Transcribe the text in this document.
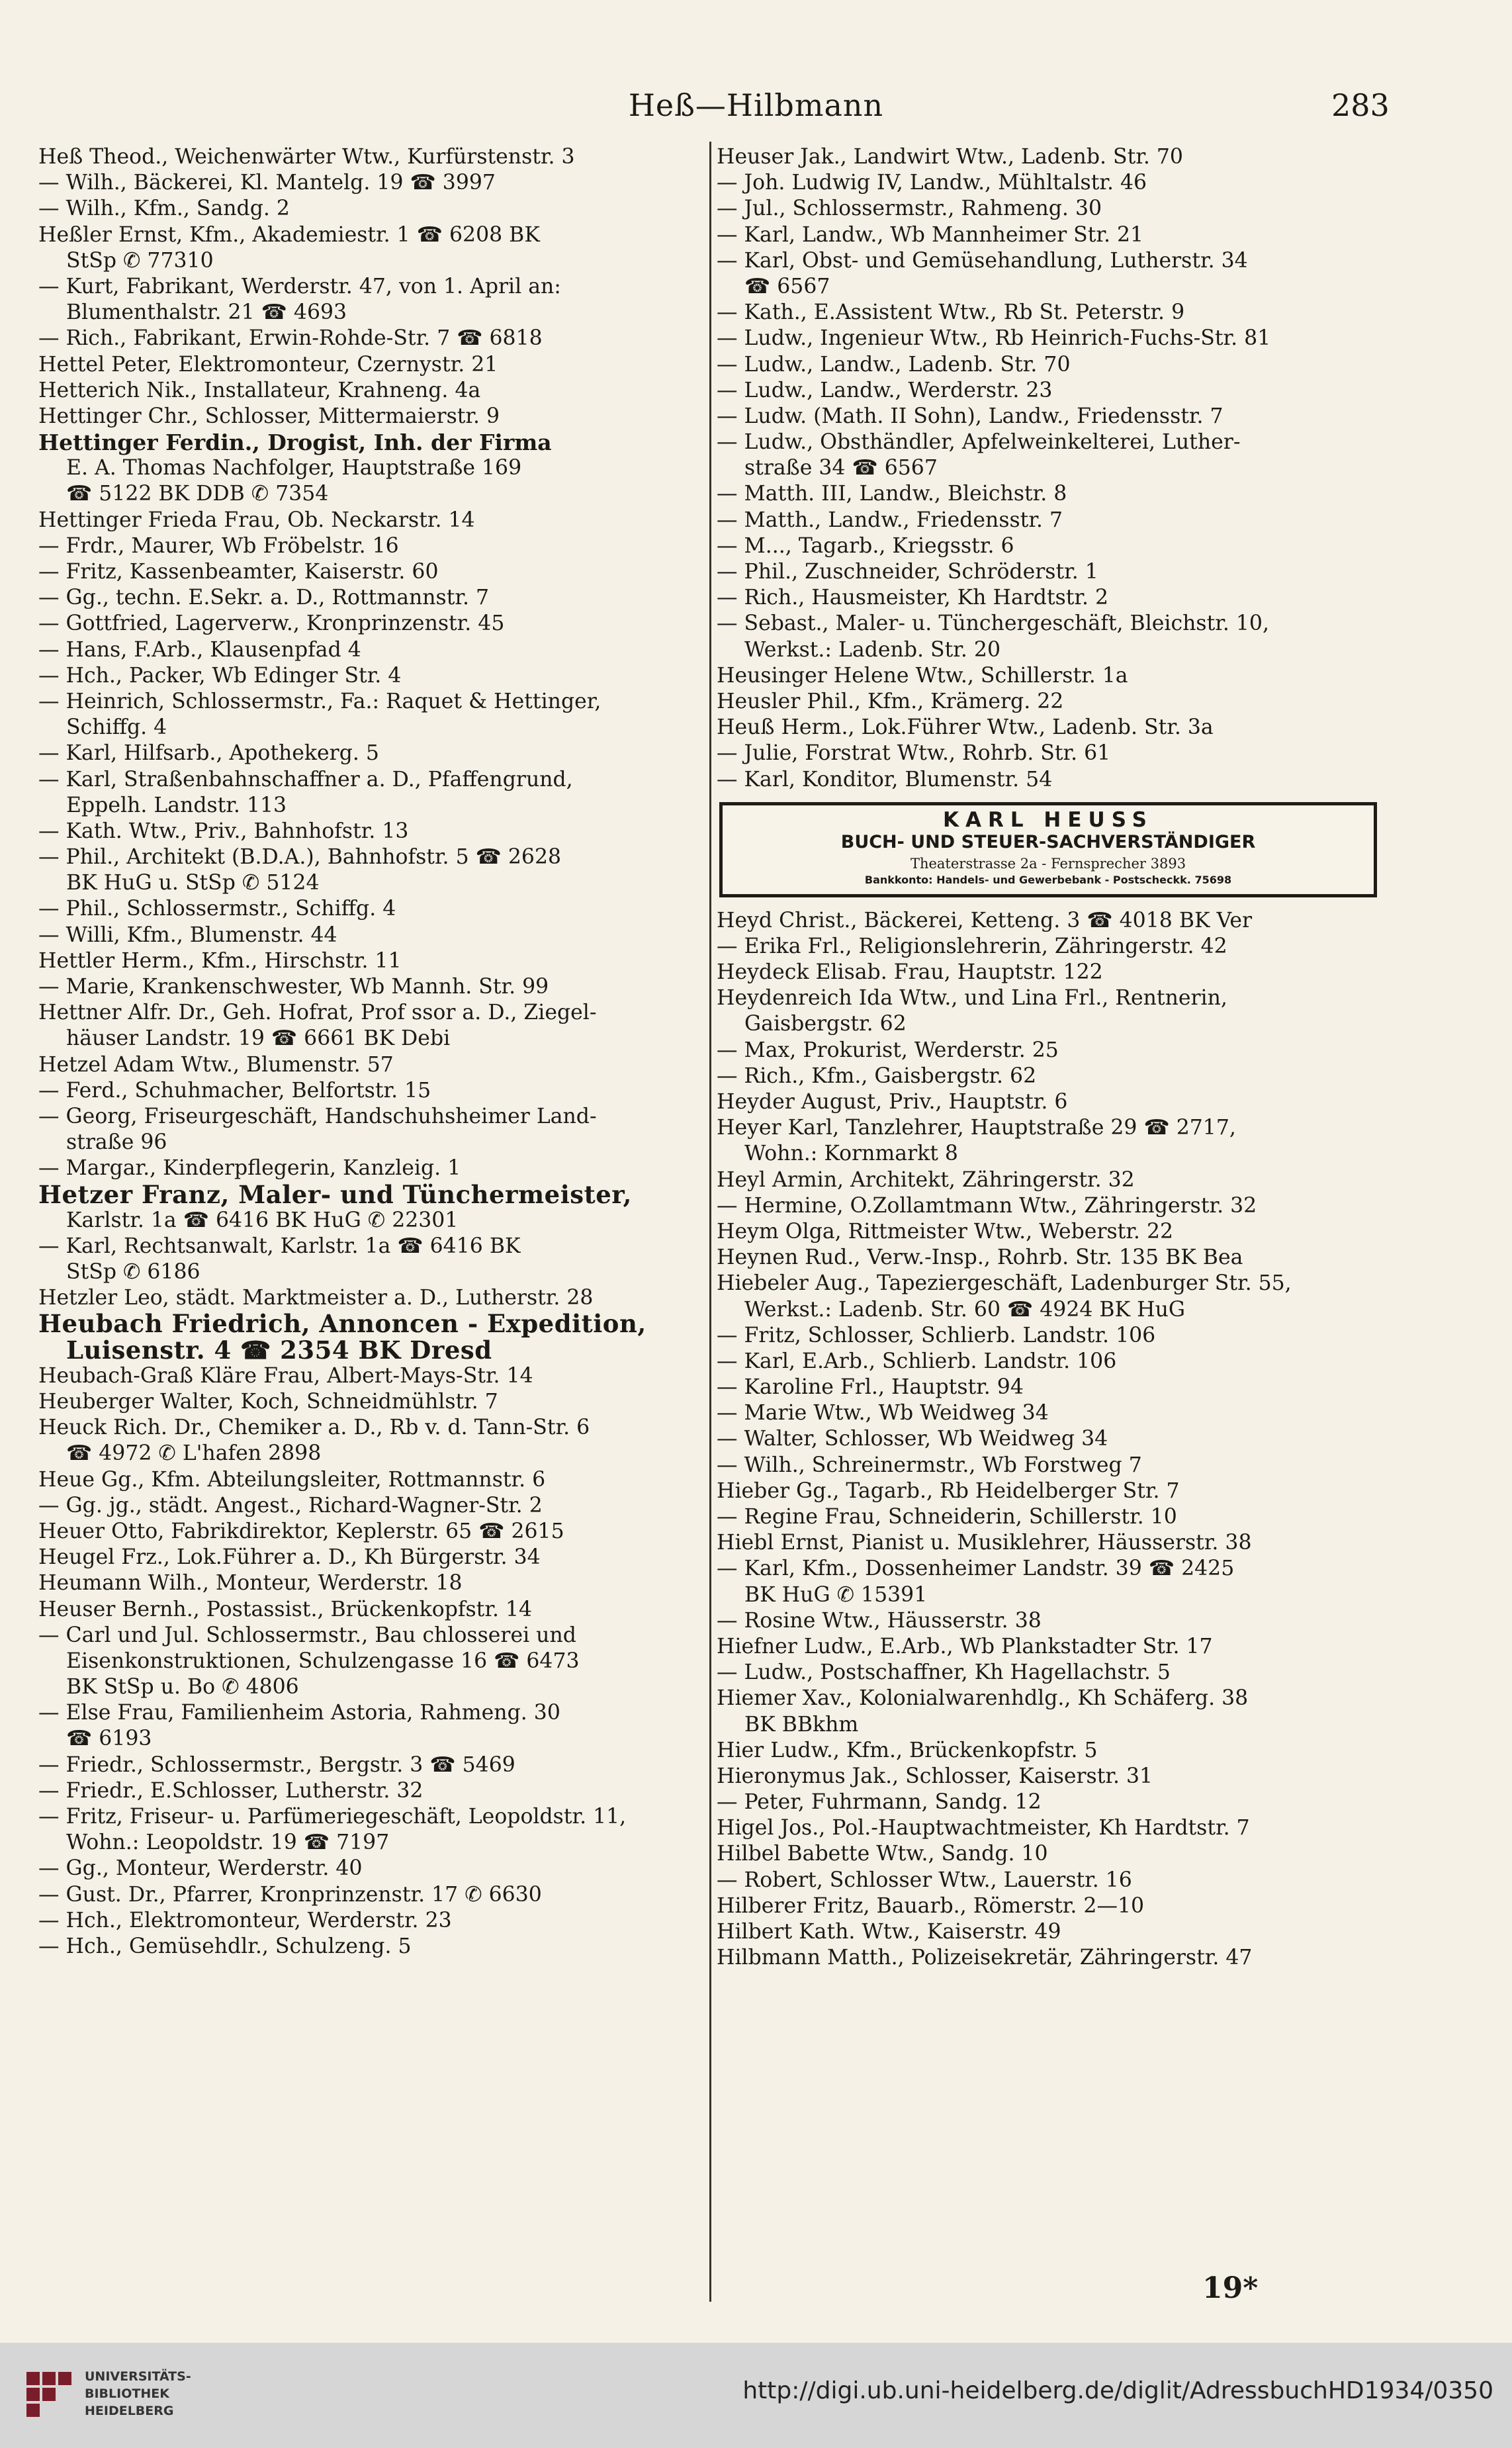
Heß—Hilbmann	283
Heß Theod., Weichenwärter Wtw., Kurfürstenstr. 3
— Wilh., Bäckerei, Kl. Mantelg. 19 ☎ 3997
— Wilh., Kfm., Sandg. 2
Heßler Ernst, Kfm., Akademiestr. 1 ☎ 6208 BK
StSp ✆ 77310
— Kurt, Fabrikant, Werderstr. 47, von 1. April an:
Blumenthalstr. 21 ☎ 4693
— Rich., Fabrikant, Erwin-Rohde-Str. 7 ☎ 6818
Hettel Peter, Elektromonteur, Czernystr. 21
Hetterich Nik., Installateur, Krahneng. 4a
Hettinger Chr., Schlosser, Mittermaierstr. 9
Hettinger Ferdin., Drogist, Inh. der Firma
E. A. Thomas Nachfolger, Hauptstraße 169
☎ 5122 BK DDB ✆ 7354
Hettinger Frieda Frau, Ob. Neckarstr. 14
— Frdr., Maurer, Wb Fröbelstr. 16
— Fritz, Kassenbeamter, Kaiserstr. 60
— Gg., techn. E.Sekr. a. D., Rottmannstr. 7
— Gottfried, Lagerverw., Kronprinzenstr. 45
— Hans, F.Arb., Klausenpfad 4
— Hch., Packer, Wb Edinger Str. 4
— Heinrich, Schlossermstr., Fa.: Raquet & Hettinger,
Schiffg. 4
— Karl, Hilfsarb., Apothekerg. 5
— Karl, Straßenbahnschaffner a. D., Pfaffengrund,
Eppelh. Landstr. 113
— Kath. Wtw., Priv., Bahnhofstr. 13
— Phil., Architekt (B.D.A.), Bahnhofstr. 5 ☎ 2628
BK HuG u. StSp ✆ 5124
— Phil., Schlossermstr., Schiffg. 4
— Willi, Kfm., Blumenstr. 44
Hettler Herm., Kfm., Hirschstr. 11
— Marie, Krankenschwester, Wb Mannh. Str. 99
Hettner Alfr. Dr., Geh. Hofrat, Prof ssor a. D., Ziegel-
häuser Landstr. 19 ☎ 6661 BK Debi
Hetzel Adam Wtw., Blumenstr. 57
— Ferd., Schuhmacher, Belfortstr. 15
— Georg, Friseurgeschäft, Handschuhsheimer Land-
straße 96
— Margar., Kinderpflegerin, Kanzleig. 1
Hetzer Franz, Maler- und Tünchermeister,
Karlstr. 1a ☎ 6416 BK HuG ✆ 22301
— Karl, Rechtsanwalt, Karlstr. 1a ☎ 6416 BK
StSp ✆ 6186
Hetzler Leo, städt. Marktmeister a. D., Lutherstr. 28
Heubach Friedrich, Annoncen - Expedition,
Luisenstr. 4 ☎ 2354 BK Dresd
Heubach-Graß Kläre Frau, Albert-Mays-Str. 14
Heuberger Walter, Koch, Schneidmühlstr. 7
Heuck Rich. Dr., Chemiker a. D., Rb v. d. Tann-Str. 6
☎ 4972 ✆ L'hafen 2898
Heue Gg., Kfm. Abteilungsleiter, Rottmannstr. 6
— Gg. jg., städt. Angest., Richard-Wagner-Str. 2
Heuer Otto, Fabrikdirektor, Keplerstr. 65 ☎ 2615
Heugel Frz., Lok.Führer a. D., Kh Bürgerstr. 34
Heumann Wilh., Monteur, Werderstr. 18
Heuser Bernh., Postassist., Brückenkopfstr. 14
— Carl und Jul. Schlossermstr., Bau chlosserei und
Eisenkonstruktionen, Schulzengasse 16 ☎ 6473
BK StSp u. Bo ✆ 4806
— Else Frau, Familienheim Astoria, Rahmeng. 30
☎ 6193
— Friedr., Schlossermstr., Bergstr. 3 ☎ 5469
— Friedr., E.Schlosser, Lutherstr. 32
— Fritz, Friseur- u. Parfümeriegeschäft, Leopoldstr. 11,
Wohn.: Leopoldstr. 19 ☎ 7197
— Gg., Monteur, Werderstr. 40
— Gust. Dr., Pfarrer, Kronprinzenstr. 17 ✆ 6630
— Hch., Elektromonteur, Werderstr. 23
— Hch., Gemüsehdlr., Schulzeng. 5
Heuser Jak., Landwirt Wtw., Ladenb. Str. 70
— Joh. Ludwig IV, Landw., Mühltalstr. 46
— Jul., Schlossermstr., Rahmeng. 30
— Karl, Landw., Wb Mannheimer Str. 21
— Karl, Obst- und Gemüsehandlung, Lutherstr. 34
☎ 6567
— Kath., E.Assistent Wtw., Rb St. Peterstr. 9
— Ludw., Ingenieur Wtw., Rb Heinrich-Fuchs-Str. 81
— Ludw., Landw., Ladenb. Str. 70
— Ludw., Landw., Werderstr. 23
— Ludw. (Math. II Sohn), Landw., Friedensstr. 7
— Ludw., Obsthändler, Apfelweinkelterei, Luther-
straße 34 ☎ 6567
— Matth. III, Landw., Bleichstr. 8
— Matth., Landw., Friedensstr. 7
— M..., Tagarb., Kriegsstr. 6
— Phil., Zuschneider, Schröderstr. 1
— Rich., Hausmeister, Kh Hardtstr. 2
— Sebast., Maler- u. Tünchergeschäft, Bleichstr. 10,
Werkst.: Ladenb. Str. 20
Heusinger Helene Wtw., Schillerstr. 1a
Heusler Phil., Kfm., Krämerg. 22
Heuß Herm., Lok.Führer Wtw., Ladenb. Str. 3a
— Julie, Forstrat Wtw., Rohrb. Str. 61
— Karl, Konditor, Blumenstr. 54
KARL HEUSS
BUCH- UND STEUER-SACHVERSTÄNDIGER
Theaterstrasse 2a - Fernsprecher 3893
Bankkonto: Handels- und Gewerbebank - Postscheckk. 75698
Heyd Christ., Bäckerei, Ketteng. 3 ☎ 4018 BK Ver
— Erika Frl., Religionslehrerin, Zähringerstr. 42
Heydeck Elisab. Frau, Hauptstr. 122
Heydenreich Ida Wtw., und Lina Frl., Rentnerin,
Gaisbergstr. 62
— Max, Prokurist, Werderstr. 25
— Rich., Kfm., Gaisbergstr. 62
Heyder August, Priv., Hauptstr. 6
Heyer Karl, Tanzlehrer, Hauptstraße 29 ☎ 2717,
Wohn.: Kornmarkt 8
Heyl Armin, Architekt, Zähringerstr. 32
— Hermine, O.Zollamtmann Wtw., Zähringerstr. 32
Heym Olga, Rittmeister Wtw., Weberstr. 22
Heynen Rud., Verw.-Insp., Rohrb. Str. 135 BK Bea
Hiebeler Aug., Tapeziergeschäft, Ladenburger Str. 55,
Werkst.: Ladenb. Str. 60 ☎ 4924 BK HuG
— Fritz, Schlosser, Schlierb. Landstr. 106
— Karl, E.Arb., Schlierb. Landstr. 106
— Karoline Frl., Hauptstr. 94
— Marie Wtw., Wb Weidweg 34
— Walter, Schlosser, Wb Weidweg 34
— Wilh., Schreinermstr., Wb Forstweg 7
Hieber Gg., Tagarb., Rb Heidelberger Str. 7
— Regine Frau, Schneiderin, Schillerstr. 10
Hiebl Ernst, Pianist u. Musiklehrer, Häusserstr. 38
— Karl, Kfm., Dossenheimer Landstr. 39 ☎ 2425
BK HuG ✆ 15391
— Rosine Wtw., Häusserstr. 38
Hiefner Ludw., E.Arb., Wb Plankstadter Str. 17
— Ludw., Postschaffner, Kh Hagellachstr. 5
Hiemer Xav., Kolonialwarenhdlg., Kh Schäferg. 38
BK BBkhm
Hier Ludw., Kfm., Brückenkopfstr. 5
Hieronymus Jak., Schlosser, Kaiserstr. 31
— Peter, Fuhrmann, Sandg. 12
Higel Jos., Pol.-Hauptwachtmeister, Kh Hardtstr. 7
Hilbel Babette Wtw., Sandg. 10
— Robert, Schlosser Wtw., Lauerstr. 16
Hilberer Fritz, Bauarb., Römerstr. 2—10
Hilbert Kath. Wtw., Kaiserstr. 49
Hilbmann Matth., Polizeisekretär, Zähringerstr. 47
19*
UNIVERSITÄTS-
BIBLIOTHEK
HEIDELBERG
http://digi.ub.uni-heidelberg.de/diglit/AdressbuchHD1934/0350
